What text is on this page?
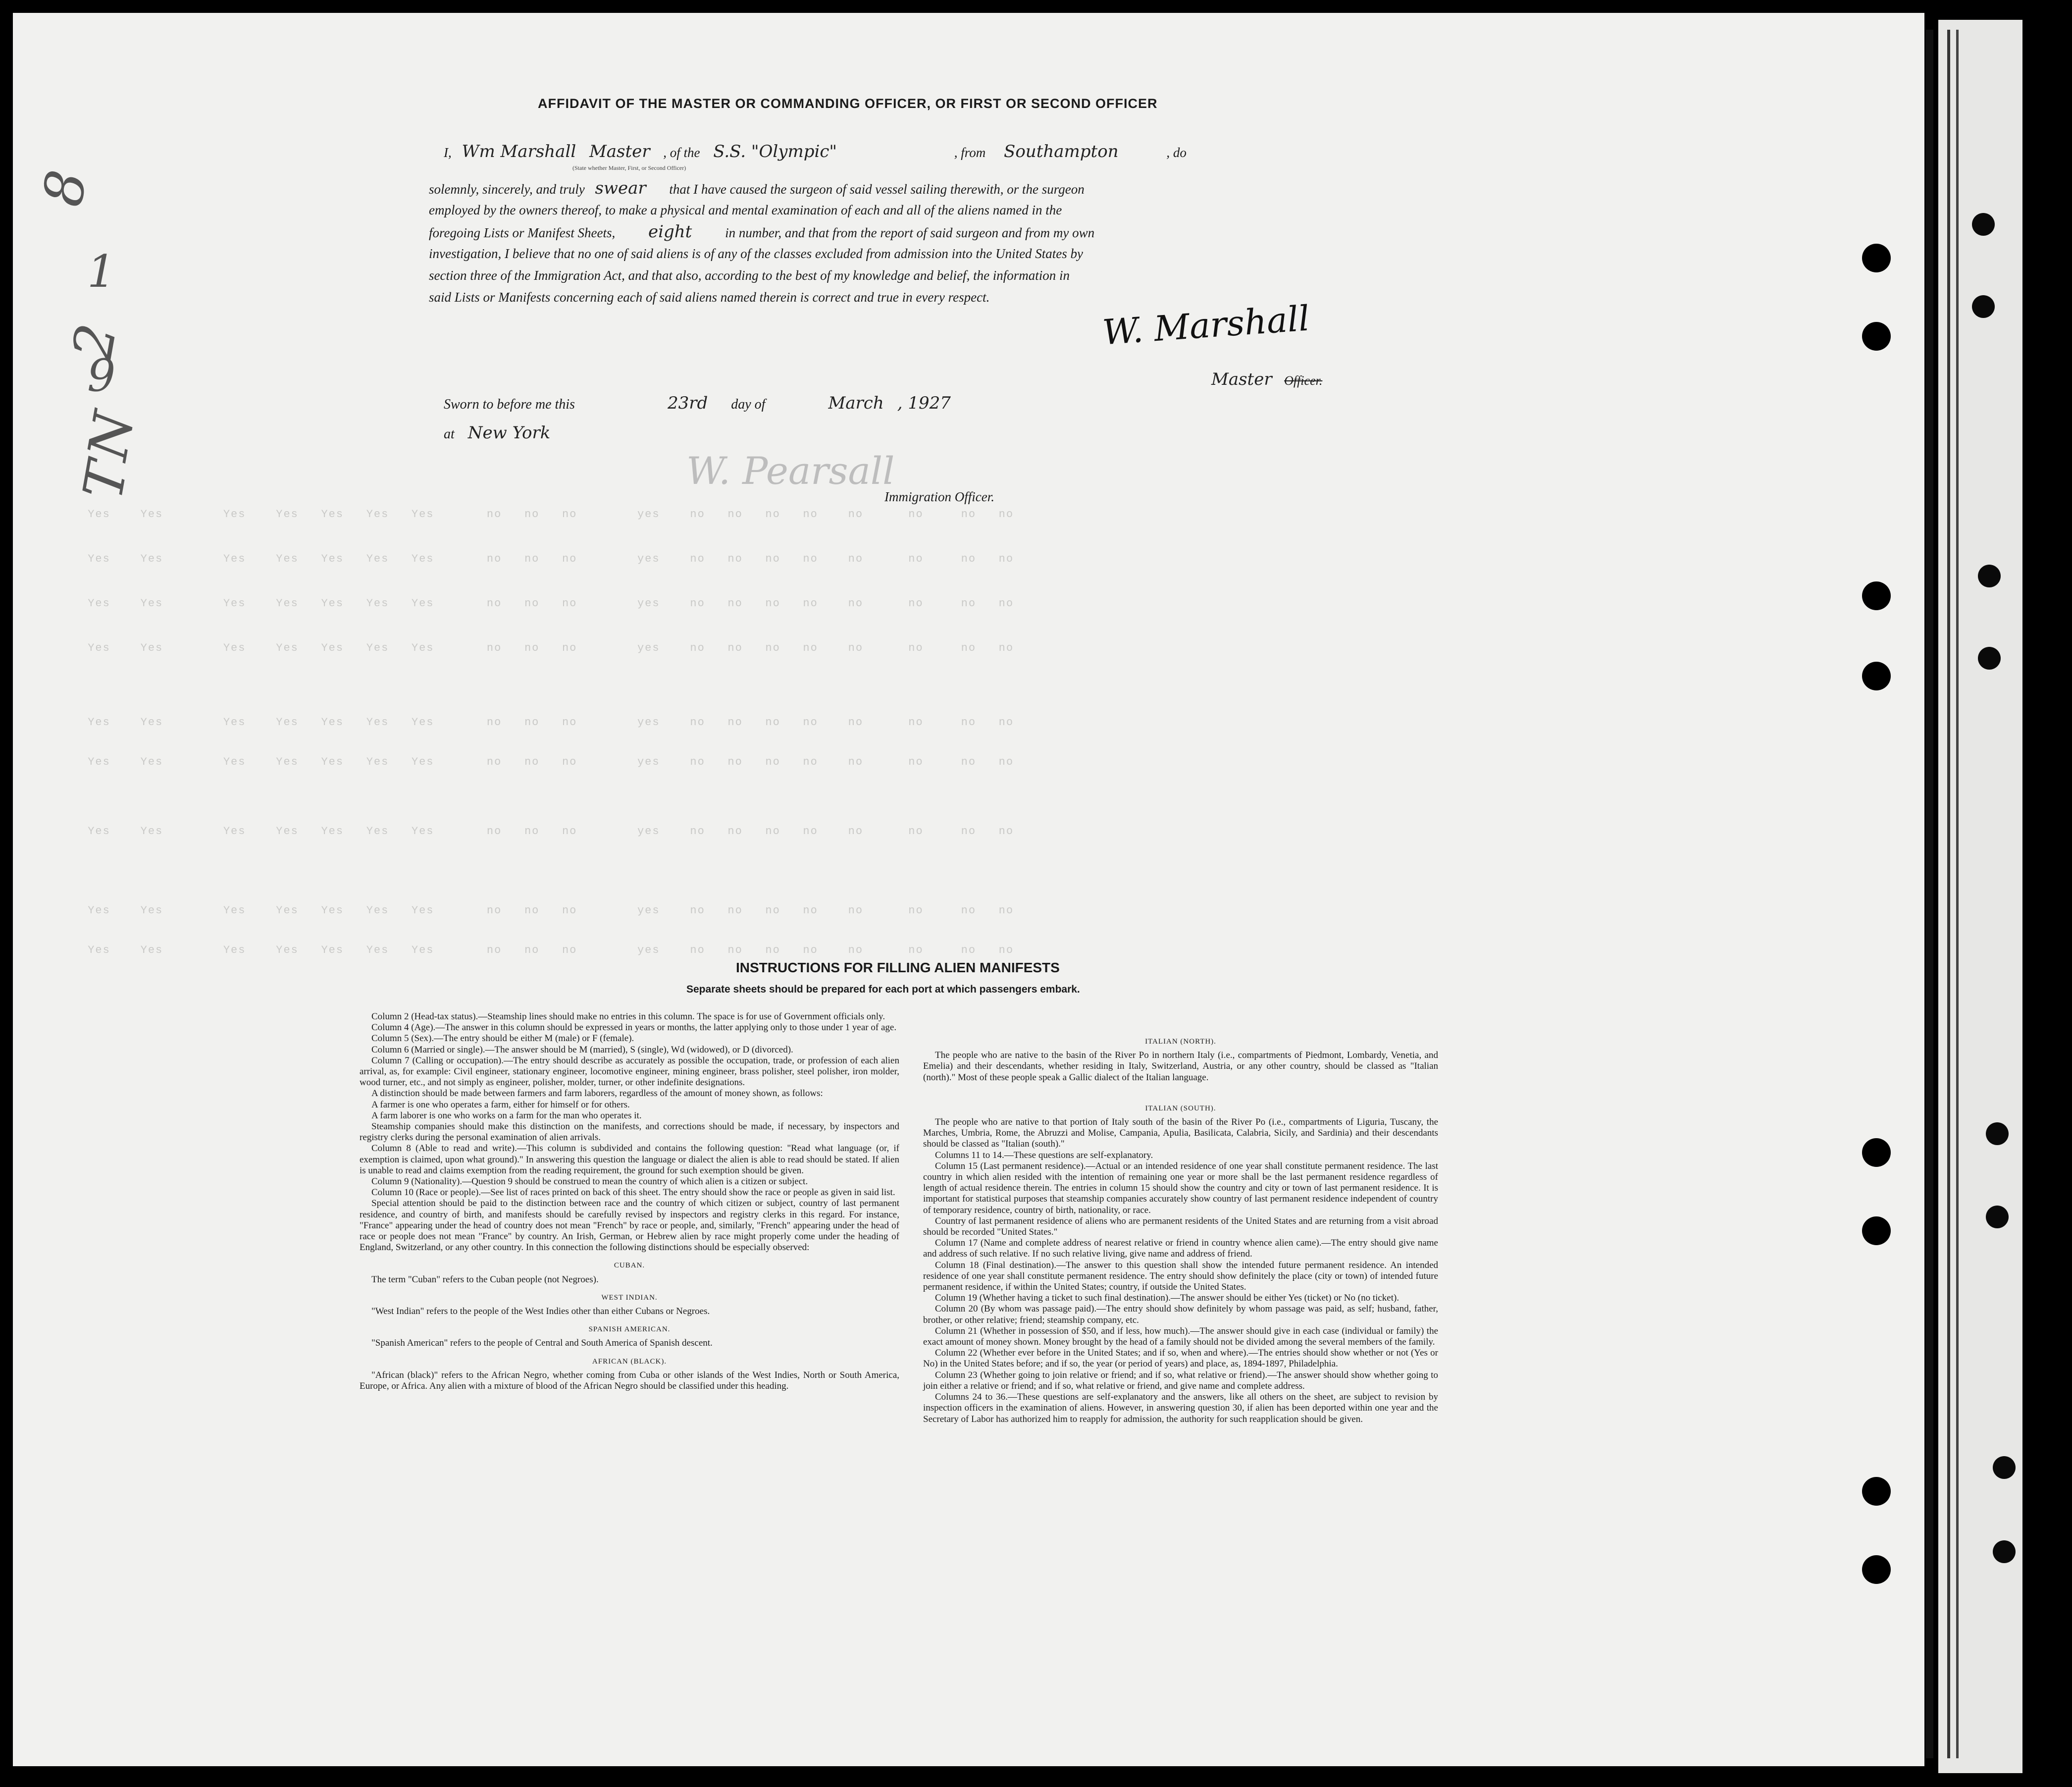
Yes    Yes        Yes    Yes   Yes   Yes   Yes       no   no   no        yes    no   no   no   no    no      no     no   no
Yes    Yes        Yes    Yes   Yes   Yes   Yes       no   no   no        yes    no   no   no   no    no      no     no   no
Yes    Yes        Yes    Yes   Yes   Yes   Yes       no   no   no        yes    no   no   no   no    no      no     no   no
Yes    Yes        Yes    Yes   Yes   Yes   Yes       no   no   no        yes    no   no   no   no    no      no     no   no
Yes    Yes        Yes    Yes   Yes   Yes   Yes       no   no   no        yes    no   no   no   no    no      no     no   no
Yes    Yes        Yes    Yes   Yes   Yes   Yes       no   no   no        yes    no   no   no   no    no      no     no   no
Yes    Yes        Yes    Yes   Yes   Yes   Yes       no   no   no        yes    no   no   no   no    no      no     no   no
Yes    Yes        Yes    Yes   Yes   Yes   Yes       no   no   no        yes    no   no   no   no    no      no     no   no
Yes    Yes        Yes    Yes   Yes   Yes   Yes       no   no   no        yes    no   no   no   no    no      no     no   no
8
1
2
9
N
T
AFFIDAVIT OF THE MASTER OR COMMANDING OFFICER, OR FIRST OR SECOND OFFICER
I, Wm Marshall Master , of the S.S. "Olympic"	, from Southampton	, do
(State whether Master, First, or Second Officer)
solemnly, sincerely, and truly swear that I have caused the surgeon of said vessel sailing therewith, or the surgeon
employed by the owners thereof, to make a physical and mental examination of each and all of the aliens named in the
foregoing Lists or Manifest Sheets, eight in number, and that from the report of said surgeon and from my own
investigation, I believe that no one of said aliens is of any of the classes excluded from admission into the United States by
section three of the Immigration Act, and that also, according to the best of my knowledge and belief, the information in
said Lists or Manifests concerning each of said aliens named therein is correct and true in every respect.
W. Marshall
Master Officer.
Sworn to before me this	23rd day of	March , 1927
at New York
W. Pearsall
Immigration Officer.
INSTRUCTIONS FOR FILLING ALIEN MANIFESTS
Separate sheets should be prepared for each port at which passengers embark.

Column 2 (Head-tax status).—Steamship lines should make no entries in this column. The space is for use of Government officials only.

Column 4 (Age).—The answer in this column should be expressed in years or months, the latter applying only to those under 1 year of age.

Column 5 (Sex).—The entry should be either M (male) or F (female).

Column 6 (Married or single).—The answer should be M (married), S (single), Wd (widowed), or D (divorced).

Column 7 (Calling or occupation).—The entry should describe as accurately as possible the occupation, trade, or profession of each alien arrival, as, for example: Civil engineer, stationary engineer, locomotive engineer, mining engineer, brass polisher, steel polisher, iron molder, wood turner, etc., and not simply as engineer, polisher, molder, turner, or other indefinite designations.

A distinction should be made between farmers and farm laborers, regardless of the amount of money shown, as follows:

A farmer is one who operates a farm, either for himself or for others.

A farm laborer is one who works on a farm for the man who operates it.

Steamship companies should make this distinction on the manifests, and corrections should be made, if necessary, by inspectors and registry clerks during the personal examination of alien arrivals.

Column 8 (Able to read and write).—This column is subdivided and contains the following question: "Read what language (or, if exemption is claimed, upon what ground)." In answering this question the language or dialect the alien is able to read should be stated. If alien is unable to read and claims exemption from the reading requirement, the ground for such exemption should be given.

Column 9 (Nationality).—Question 9 should be construed to mean the country of which alien is a citizen or subject.

Column 10 (Race or people).—See list of races printed on back of this sheet. The entry should show the race or people as given in said list.

Special attention should be paid to the distinction between race and the country of which citizen or subject, country of last permanent residence, and country of birth, and manifests should be carefully revised by inspectors and registry clerks in this regard. For instance, "France" appearing under the head of country does not mean "French" by race or people, and, similarly, "French" appearing under the head of race or people does not mean "France" by country. An Irish, German, or Hebrew alien by race might properly come under the heading of England, Switzerland, or any other country. In this connection the following distinctions should be especially observed:

CUBAN.

The term "Cuban" refers to the Cuban people (not Negroes).

WEST INDIAN.

"West Indian" refers to the people of the West Indies other than either Cubans or Negroes.

SPANISH AMERICAN.

"Spanish American" refers to the people of Central and South America of Spanish descent.

AFRICAN (BLACK).

"African (black)" refers to the African Negro, whether coming from Cuba or other islands of the West Indies, North or South America, Europe, or Africa. Any alien with a mixture of blood of the African Negro should be classified under this heading.

ITALIAN (NORTH).

The people who are native to the basin of the River Po in northern Italy (i.e., compartments of Piedmont, Lombardy, Venetia, and Emelia) and their descendants, whether residing in Italy, Switzerland, Austria, or any other country, should be classed as "Italian (north)." Most of these people speak a Gallic dialect of the Italian language.

ITALIAN (SOUTH).

The people who are native to that portion of Italy south of the basin of the River Po (i.e., compartments of Liguria, Tuscany, the Marches, Umbria, Rome, the Abruzzi and Molise, Campania, Apulia, Basilicata, Calabria, Sicily, and Sardinia) and their descendants should be classed as "Italian (south)."

Columns 11 to 14.—These questions are self-explanatory.

Column 15 (Last permanent residence).—Actual or an intended residence of one year shall constitute permanent residence. The last country in which alien resided with the intention of remaining one year or more shall be the last permanent residence regardless of length of actual residence therein. The entries in column 15 should show the country and city or town of last permanent residence. It is important for statistical purposes that steamship companies accurately show country of last permanent residence independent of country of temporary residence, country of birth, nationality, or race.

Country of last permanent residence of aliens who are permanent residents of the United States and are returning from a visit abroad should be recorded "United States."

Column 17 (Name and complete address of nearest relative or friend in country whence alien came).—The entry should give name and address of such relative. If no such relative living, give name and address of friend.

Column 18 (Final destination).—The answer to this question shall show the intended future permanent residence. An intended residence of one year shall constitute permanent residence. The entry should show definitely the place (city or town) of intended future permanent residence, if within the United States; country, if outside the United States.

Column 19 (Whether having a ticket to such final destination).—The answer should be either Yes (ticket) or No (no ticket).

Column 20 (By whom was passage paid).—The entry should show definitely by whom passage was paid, as self; husband, father, brother, or other relative; friend; steamship company, etc.

Column 21 (Whether in possession of $50, and if less, how much).—The answer should give in each case (individual or family) the exact amount of money shown. Money brought by the head of a family should not be divided among the several members of the family.

Column 22 (Whether ever before in the United States; and if so, when and where).—The entries should show whether or not (Yes or No) in the United States before; and if so, the year (or period of years) and place, as, 1894-1897, Philadelphia.

Column 23 (Whether going to join relative or friend; and if so, what relative or friend).—The answer should show whether going to join either a relative or friend; and if so, what relative or friend, and give name and complete address.

Columns 24 to 36.—These questions are self-explanatory and the answers, like all others on the sheet, are subject to revision by inspection officers in the examination of aliens. However, in answering question 30, if alien has been deported within one year and the Secretary of Labor has authorized him to reapply for admission, the authority for such reapplication should be given.
